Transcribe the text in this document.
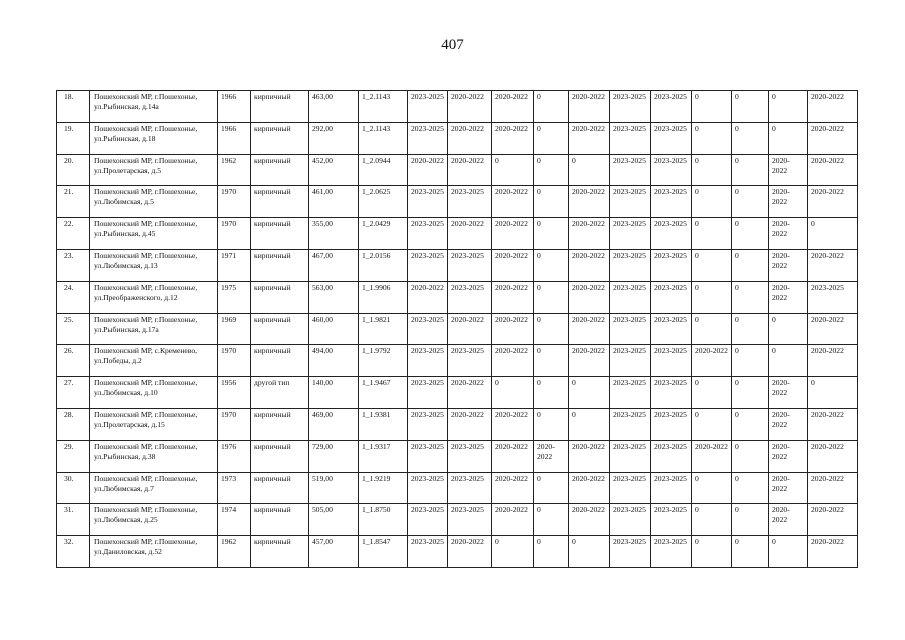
407
18.	Пошехонский МР, г.Пошехонье, ул.Рыбинская, д.14а	1966	кирпичный	463,00	1_2.1143	2023-2025	2020-2022	2020-2022	0	2020-2022	2023-2025	2023-2025	0	0	0	2020-2022
19.	Пошехонский МР, г.Пошехонье, ул.Рыбинская, д.18	1966	кирпичный	292,00	1_2.1143	2023-2025	2020-2022	2020-2022	0	2020-2022	2023-2025	2023-2025	0	0	0	2020-2022
20.	Пошехонский МР, г.Пошехонье, ул.Пролетарская, д.5	1962	кирпичный	452,00	1_2.0944	2020-2022	2020-2022	0	0	0	2023-2025	2023-2025	0	0	2020-2022	2020-2022
21.	Пошехонский МР, г.Пошехонье, ул.Любимская, д.5	1970	кирпичный	461,00	1_2.0625	2023-2025	2023-2025	2020-2022	0	2020-2022	2023-2025	2023-2025	0	0	2020-2022	2020-2022
22.	Пошехонский МР, г.Пошехонье, ул.Рыбинская, д.45	1970	кирпичный	355,00	1_2.0429	2023-2025	2020-2022	2020-2022	0	2020-2022	2023-2025	2023-2025	0	0	2020-2022	0
23.	Пошехонский МР, г.Пошехонье, ул.Любимская, д.13	1971	кирпичный	467,00	1_2.0156	2023-2025	2023-2025	2020-2022	0	2020-2022	2023-2025	2023-2025	0	0	2020-2022	2020-2022
24.	Пошехонский МР, г.Пошехонье, ул.Преображенского, д.12	1975	кирпичный	563,00	1_1.9906	2020-2022	2023-2025	2020-2022	0	2020-2022	2023-2025	2023-2025	0	0	2020-2022	2023-2025
25.	Пошехонский МР, г.Пошехонье, ул.Рыбинская, д.17а	1969	кирпичный	460,00	1_1.9821	2023-2025	2020-2022	2020-2022	0	2020-2022	2023-2025	2023-2025	0	0	0	2020-2022
26.	Пошехонский МР, с.Кременево, ул.Победы, д.2	1970	кирпичный	494,00	1_1.9792	2023-2025	2023-2025	2020-2022	0	2020-2022	2023-2025	2023-2025	2020-2022	0	0	2020-2022
27.	Пошехонский МР, г.Пошехонье, ул.Любимская, д.10	1956	другой тип	140,00	1_1.9467	2023-2025	2020-2022	0	0	0	2023-2025	2023-2025	0	0	2020-2022	0
28.	Пошехонский МР, г.Пошехонье, ул.Пролетарская, д.15	1970	кирпичный	469,00	1_1.9381	2023-2025	2020-2022	2020-2022	0	0	2023-2025	2023-2025	0	0	2020-2022	2020-2022
29.	Пошехонский МР, г.Пошехонье, ул.Рыбинская, д.38	1976	кирпичный	729,00	1_1.9317	2023-2025	2023-2025	2020-2022	2020-2022	2020-2022	2023-2025	2023-2025	2020-2022	0	2020-2022	2020-2022
30.	Пошехонский МР, г.Пошехонье, ул.Любимская, д.7	1973	кирпичный	519,00	1_1.9219	2023-2025	2023-2025	2020-2022	0	2020-2022	2023-2025	2023-2025	0	0	2020-2022	2020-2022
31.	Пошехонский МР, г.Пошехонье, ул.Любимская, д.25	1974	кирпичный	505,00	1_1.8750	2023-2025	2023-2025	2020-2022	0	2020-2022	2023-2025	2023-2025	0	0	2020-2022	2020-2022
32.	Пошехонский МР, г.Пошехонье, ул.Даниловская, д.52	1962	кирпичный	457,00	1_1.8547	2023-2025	2020-2022	0	0	0	2023-2025	2023-2025	0	0	0	2020-2022
